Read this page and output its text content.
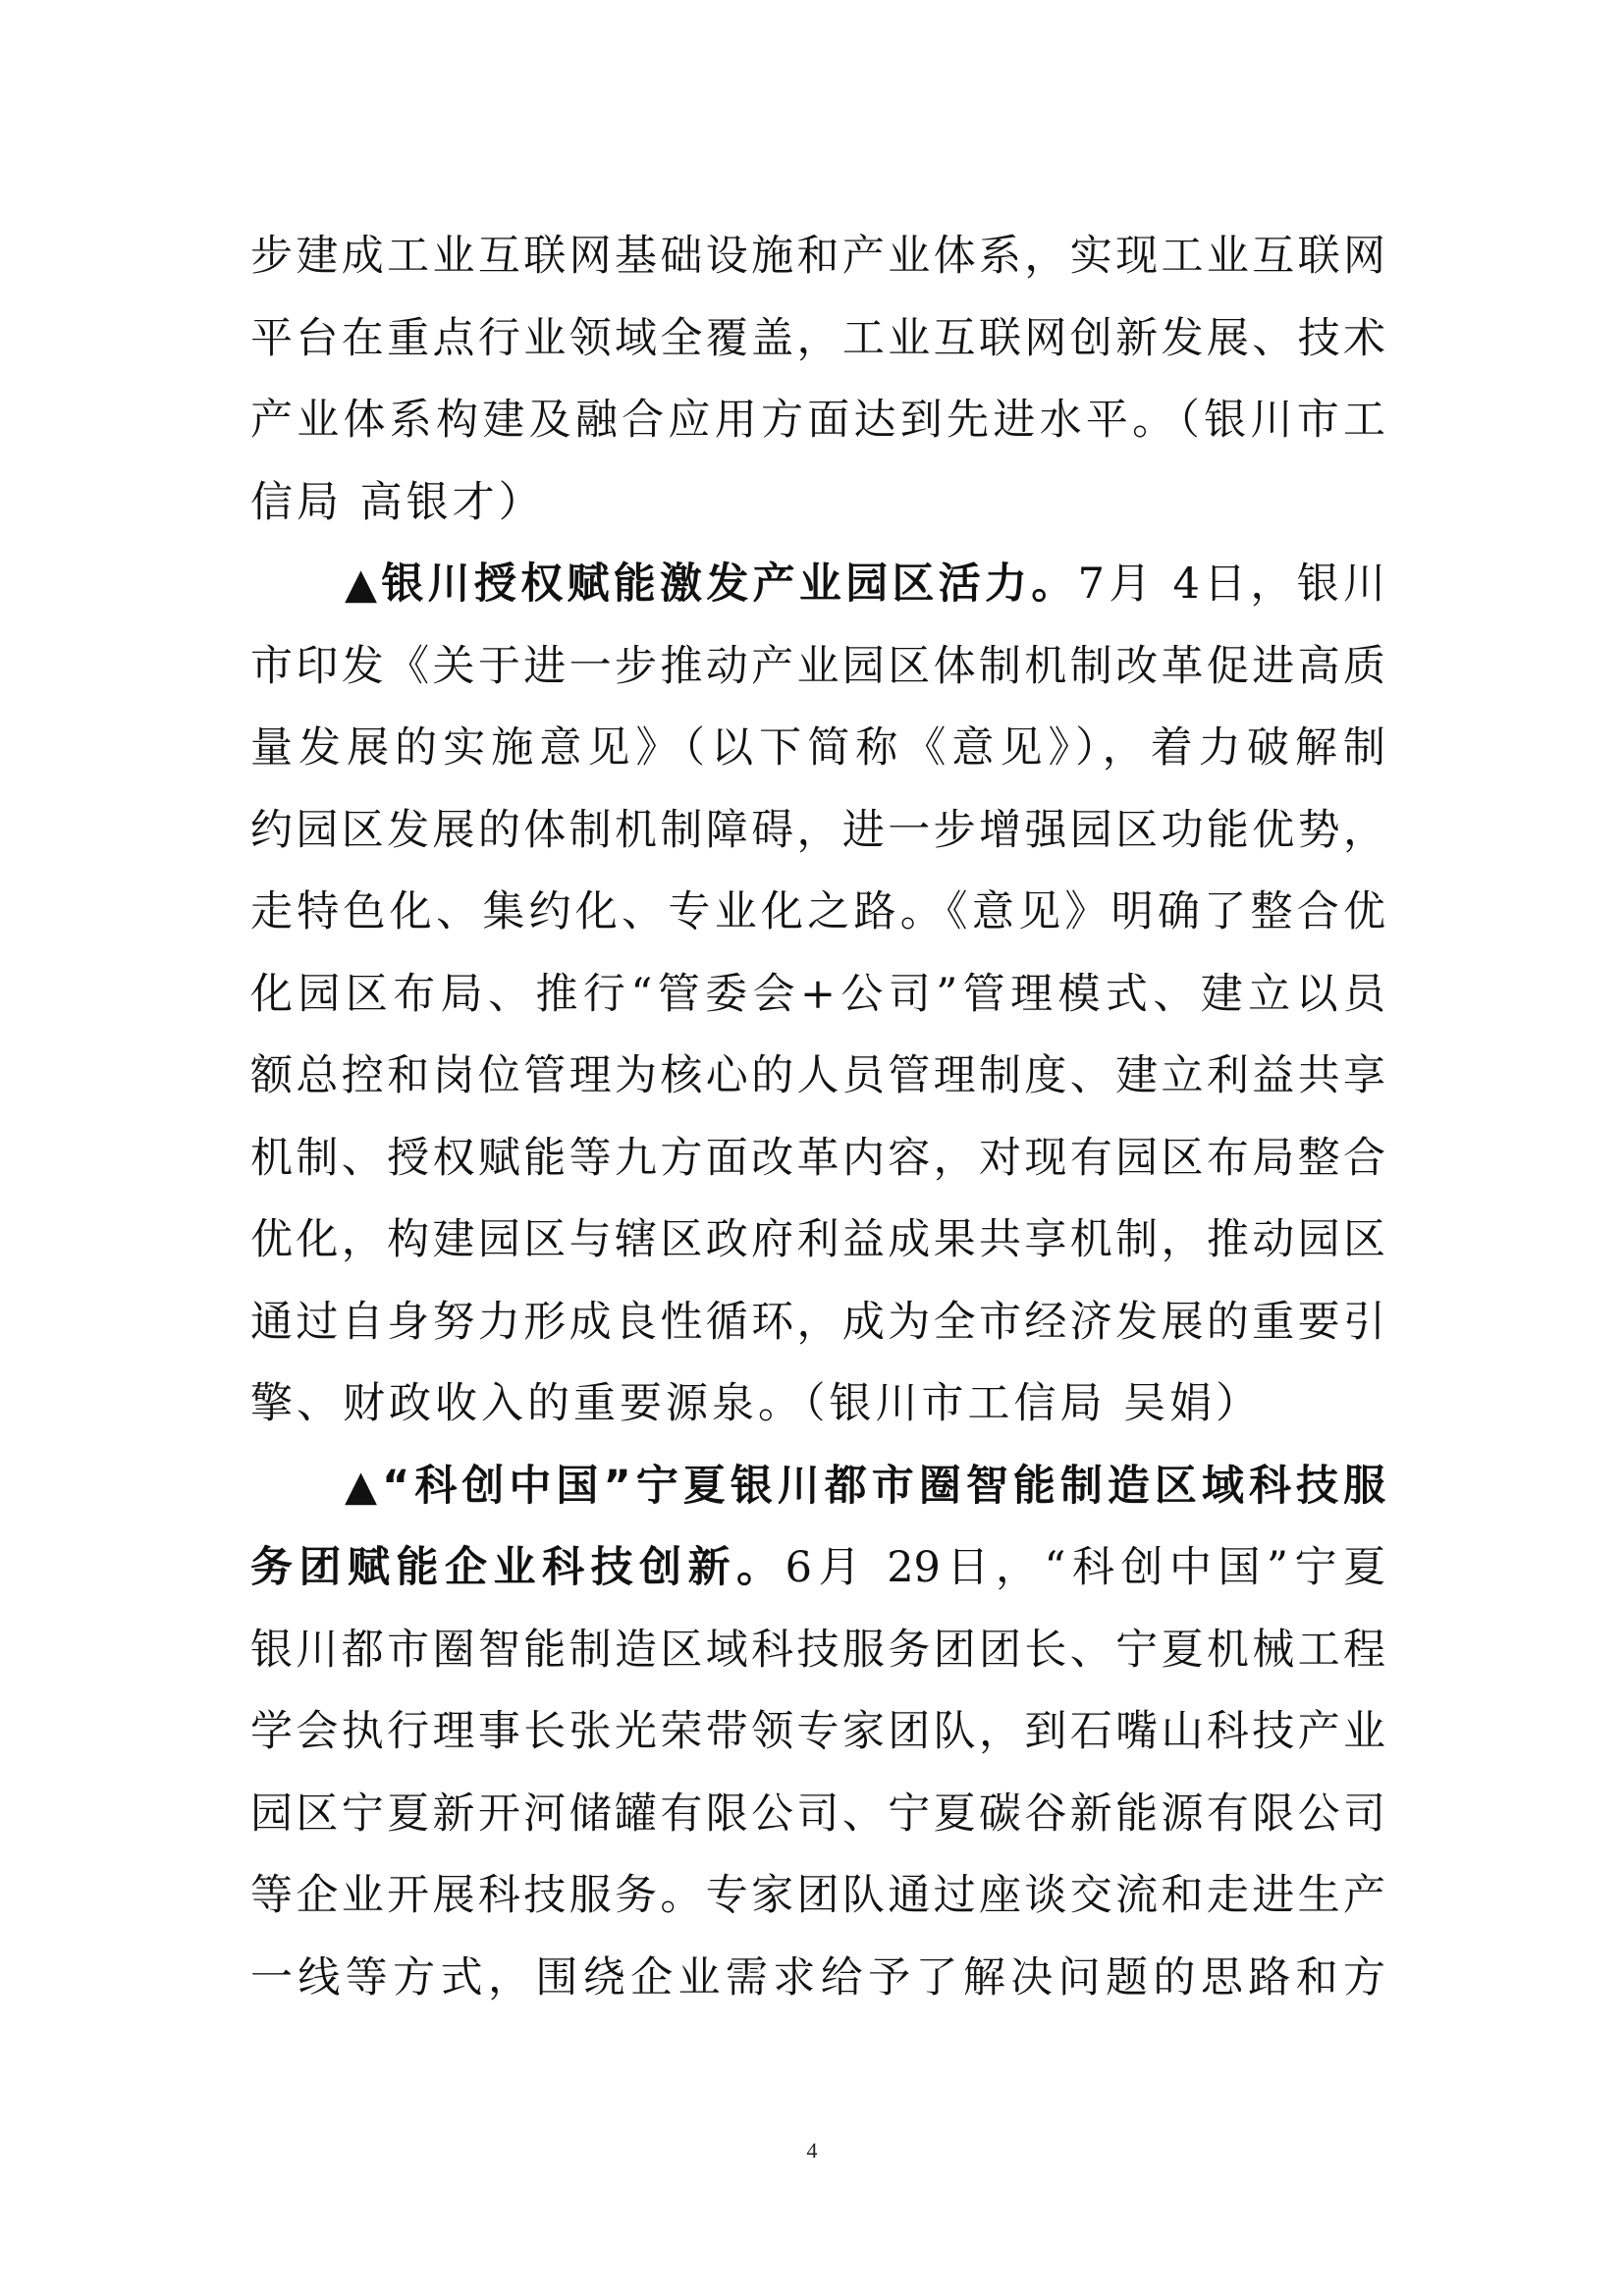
步建成工业互联网基础设施和产业体系，实现工业互联网
平台在重点行业领域全覆盖，工业互联网创新发展、技术
产业体系构建及融合应用方面达到先进水平。（银川市工
信局 高银才）
▲银川授权赋能激发产业园区活力。7月 4日，银川
市印发《关于进一步推动产业园区体制机制改革促进高质
量发展的实施意见》（以下简称《意见》），着力破解制
约园区发展的体制机制障碍，进一步增强园区功能优势，
走特色化、集约化、专业化之路。《意见》明确了整合优
化园区布局、推行“管委会+公司”管理模式、建立以员
额总控和岗位管理为核心的人员管理制度、建立利益共享
机制、授权赋能等九方面改革内容，对现有园区布局整合
优化，构建园区与辖区政府利益成果共享机制，推动园区
通过自身努力形成良性循环，成为全市经济发展的重要引
擎、财政收入的重要源泉。（银川市工信局 吴娟）
▲“科创中国”宁夏银川都市圈智能制造区域科技服
务团赋能企业科技创新。6月 29日，“科创中国”宁夏
银川都市圈智能制造区域科技服务团团长、宁夏机械工程
学会执行理事长张光荣带领专家团队，到石嘴山科技产业
园区宁夏新开河储罐有限公司、宁夏碳谷新能源有限公司
等企业开展科技服务。专家团队通过座谈交流和走进生产
一线等方式，围绕企业需求给予了解决问题的思路和方
4
